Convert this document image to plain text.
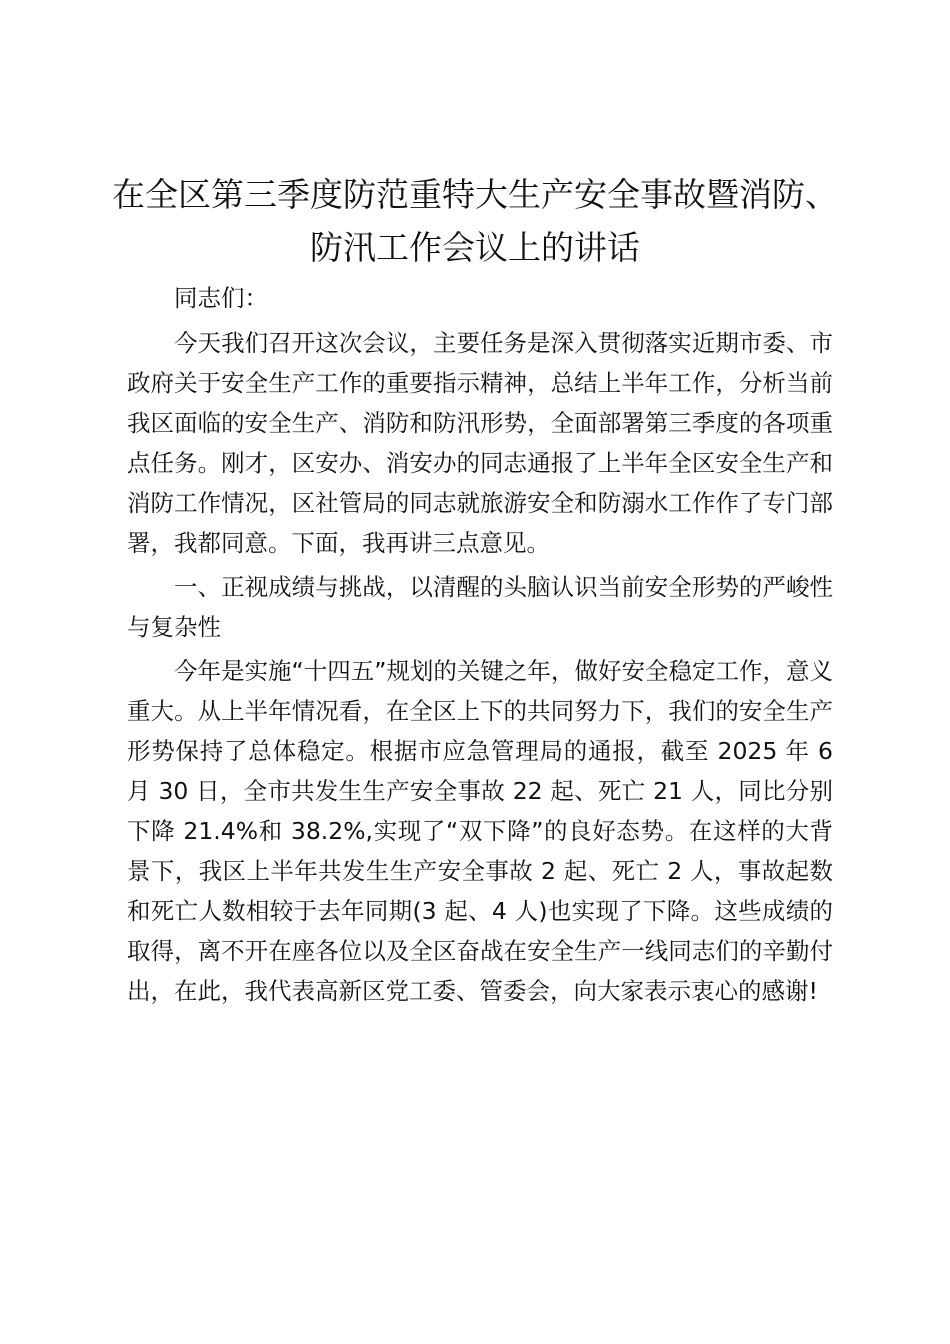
在全区第三季度防范重特大生产安全事故暨消防、防汛工作会议上的讲话

同志们：

今天我们召开这次会议，主要任务是深入贯彻落实近期市委、市政府关于安全生产工作的重要指示精神，总结上半年工作，分析当前我区面临的安全生产、消防和防汛形势，全面部署第三季度的各项重点任务。刚才，区安办、消安办的同志通报了上半年全区安全生产和消防工作情况，区社管局的同志就旅游安全和防溺水工作作了专门部署，我都同意。下面，我再讲三点意见。

一、正视成绩与挑战，以清醒的头脑认识当前安全形势的严峻性与复杂性

今年是实施“十四五”规划的关键之年，做好安全稳定工作，意义重大。从上半年情况看，在全区上下的共同努力下，我们的安全生产形势保持了总体稳定。根据市应急管理局的通报，截至 2025 年 6 月 30 日，全市共发生生产安全事故 22 起、死亡 21 人，同比分别下降 21.4%和 38.2%,实现了“双下降”的良好态势。在这样的大背景下，我区上半年共发生生产安全事故 2 起、死亡 2 人，事故起数和死亡人数相较于去年同期(3 起、4 人)也实现了下降。这些成绩的取得，离不开在座各位以及全区奋战在安全生产一线同志们的辛勤付出，在此，我代表高新区党工委、管委会，向大家表示衷心的感谢!
